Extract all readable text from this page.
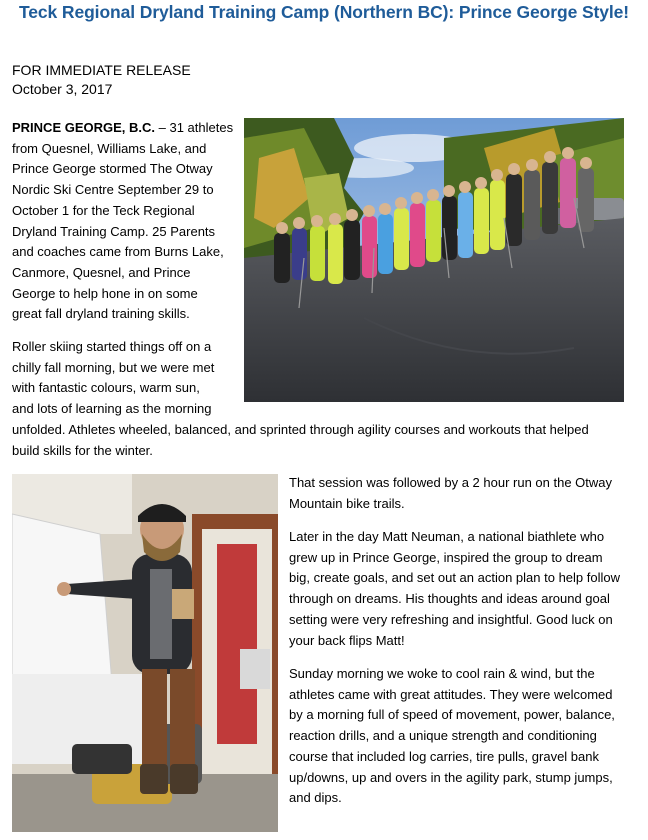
Teck Regional Dryland Training Camp (Northern BC): Prince George Style!
FOR IMMEDIATE RELEASE
October 3, 2017
PRINCE GEORGE, B.C. – 31 athletes
from Quesnel, Williams Lake, and
Prince George stormed The Otway
Nordic Ski Centre September 29 to
October 1 for the Teck Regional
Dryland Training Camp. 25 Parents
and coaches came from Burns Lake,
Canmore, Quesnel, and Prince
George to help hone in on some
great fall dryland training skills.
Roller skiing started things off on a
chilly fall morning, but we were met
with fantastic colours, warm sun,
and lots of learning as the morning
unfolded. Athletes wheeled, balanced, and sprinted through agility courses and workouts that helped
build skills for the winter.
That session was followed by a 2 hour run on the Otway
Mountain bike trails.
Later in the day Matt Neuman, a national biathlete who
grew up in Prince George, inspired the group to dream
big, create goals, and set out an action plan to help follow
through on dreams. His thoughts and ideas around goal
setting were very refreshing and insightful. Good luck on
your back flips Matt!
Sunday morning we woke to cool rain & wind, but the
athletes came with great attitudes. They were welcomed
by a morning full of speed of movement, power, balance,
reaction drills, and a unique strength and conditioning
course that included log carries, tire pulls, gravel bank
up/downs, up and overs in the agility park, stump jumps,
and dips.
